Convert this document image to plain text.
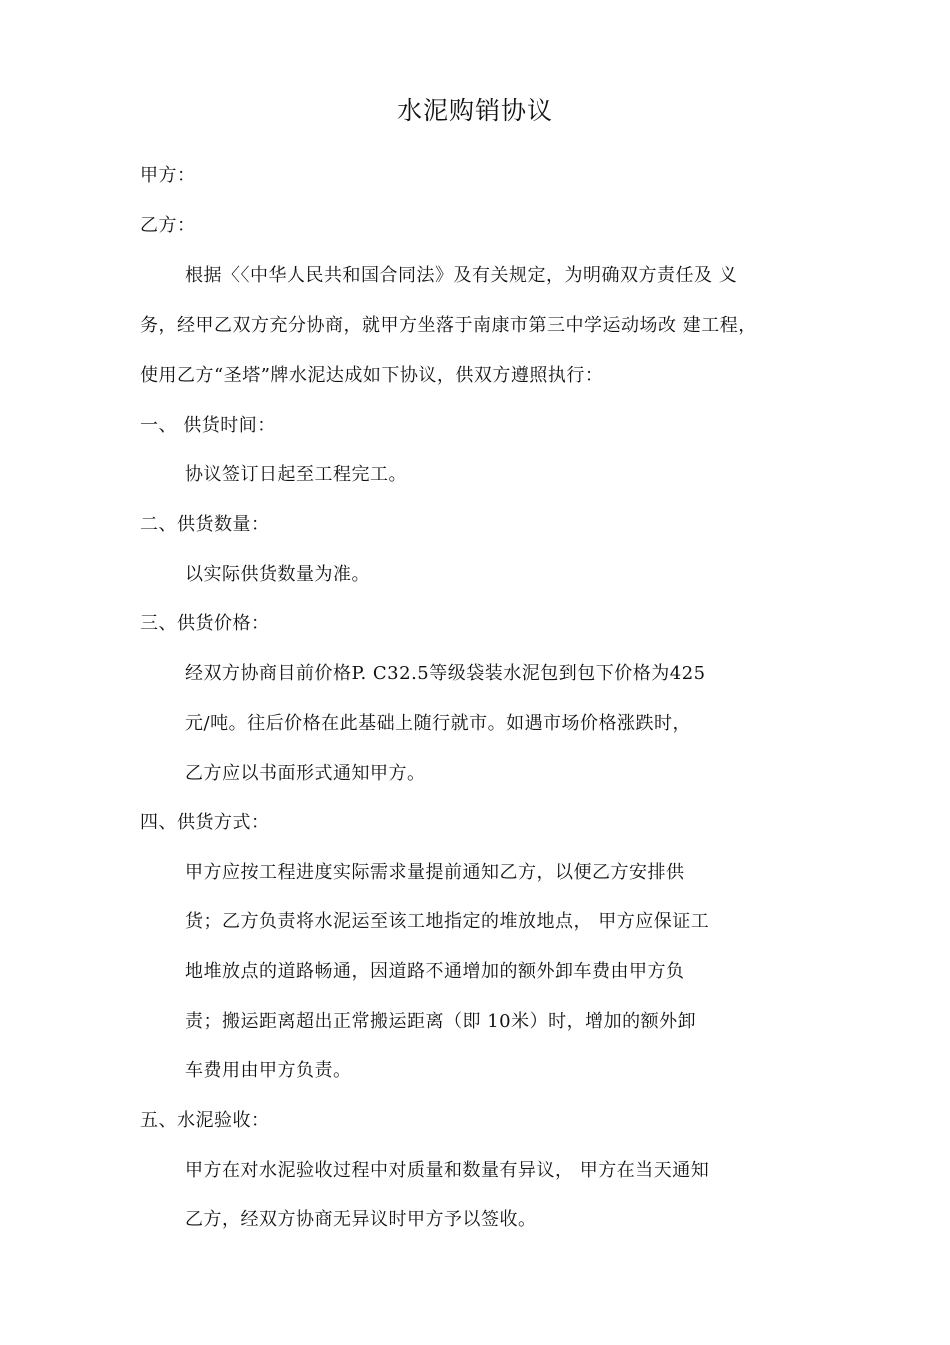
水泥购销协议
甲方：
乙方：
根据〈〈中华人民共和国合同法》及有关规定，为明确双方责任及 义
务，经甲乙双方充分协商，就甲方坐落于南康市第三中学运动场改 建工程，
使用乙方“圣塔”牌水泥达成如下协议，供双方遵照执行：
一、 供货时间：
协议签订日起至工程完工。
二、供货数量：
以实际供货数量为准。
三、供货价格：
经双方协商目前价格P. C32.5等级袋装水泥包到包下价格为425
元/吨。往后价格在此基础上随行就市。如遇市场价格涨跌时，
乙方应以书面形式通知甲方。
四、供货方式：
甲方应按工程进度实际需求量提前通知乙方，以便乙方安排供
货；乙方负责将水泥运至该工地指定的堆放地点， 甲方应保证工
地堆放点的道路畅通，因道路不通增加的额外卸车费由甲方负
责；搬运距离超出正常搬运距离（即 10米）时，增加的额外卸
车费用由甲方负责。
五、水泥验收：
甲方在对水泥验收过程中对质量和数量有异议， 甲方在当天通知
乙方，经双方协商无异议时甲方予以签收。
